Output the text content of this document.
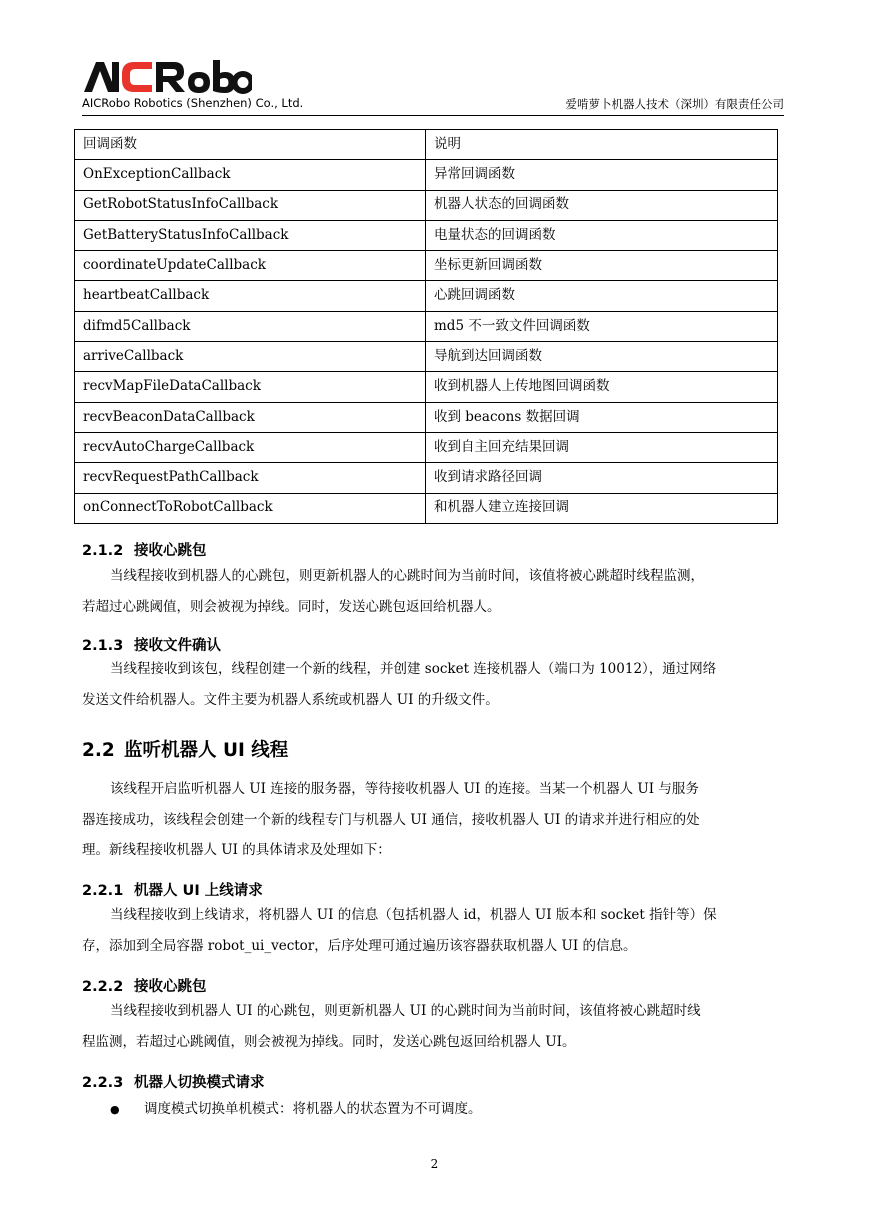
AICRobo Robotics (Shenzhen) Co., Ltd.	爱啃萝卜机器人技术（深圳）有限责任公司
回调函数	说明
OnExceptionCallback	异常回调函数
GetRobotStatusInfoCallback	机器人状态的回调函数
GetBatteryStatusInfoCallback	电量状态的回调函数
coordinateUpdateCallback	坐标更新回调函数
heartbeatCallback	心跳回调函数
difmd5Callback	md5 不一致文件回调函数
arriveCallback	导航到达回调函数
recvMapFileDataCallback	收到机器人上传地图回调函数
recvBeaconDataCallback	收到 beacons 数据回调
recvAutoChargeCallback	收到自主回充结果回调
recvRequestPathCallback	收到请求路径回调
onConnectToRobotCallback	和机器人建立连接回调
2.1.2 接收心跳包
当线程接收到机器人的心跳包，则更新机器人的心跳时间为当前时间，该值将被心跳超时线程监测，
若超过心跳阈值，则会被视为掉线。同时，发送心跳包返回给机器人。
2.1.3 接收文件确认
当线程接收到该包，线程创建一个新的线程，并创建 socket 连接机器人（端口为 10012），通过网络
发送文件给机器人。文件主要为机器人系统或机器人 UI 的升级文件。
2.2 监听机器人 UI 线程
该线程开启监听机器人 UI 连接的服务器，等待接收机器人 UI 的连接。当某一个机器人 UI 与服务
器连接成功，该线程会创建一个新的线程专门与机器人 UI 通信，接收机器人 UI 的请求并进行相应的处
理。新线程接收机器人 UI 的具体请求及处理如下：
2.2.1 机器人 UI 上线请求
当线程接收到上线请求，将机器人 UI 的信息（包括机器人 id，机器人 UI 版本和 socket 指针等）保
存，添加到全局容器 robot_ui_vector，后序处理可通过遍历该容器获取机器人 UI 的信息。
2.2.2 接收心跳包
当线程接收到机器人 UI 的心跳包，则更新机器人 UI 的心跳时间为当前时间，该值将被心跳超时线
程监测，若超过心跳阈值，则会被视为掉线。同时，发送心跳包返回给机器人 UI。
2.2.3 机器人切换模式请求
● 调度模式切换单机模式：将机器人的状态置为不可调度。
2
